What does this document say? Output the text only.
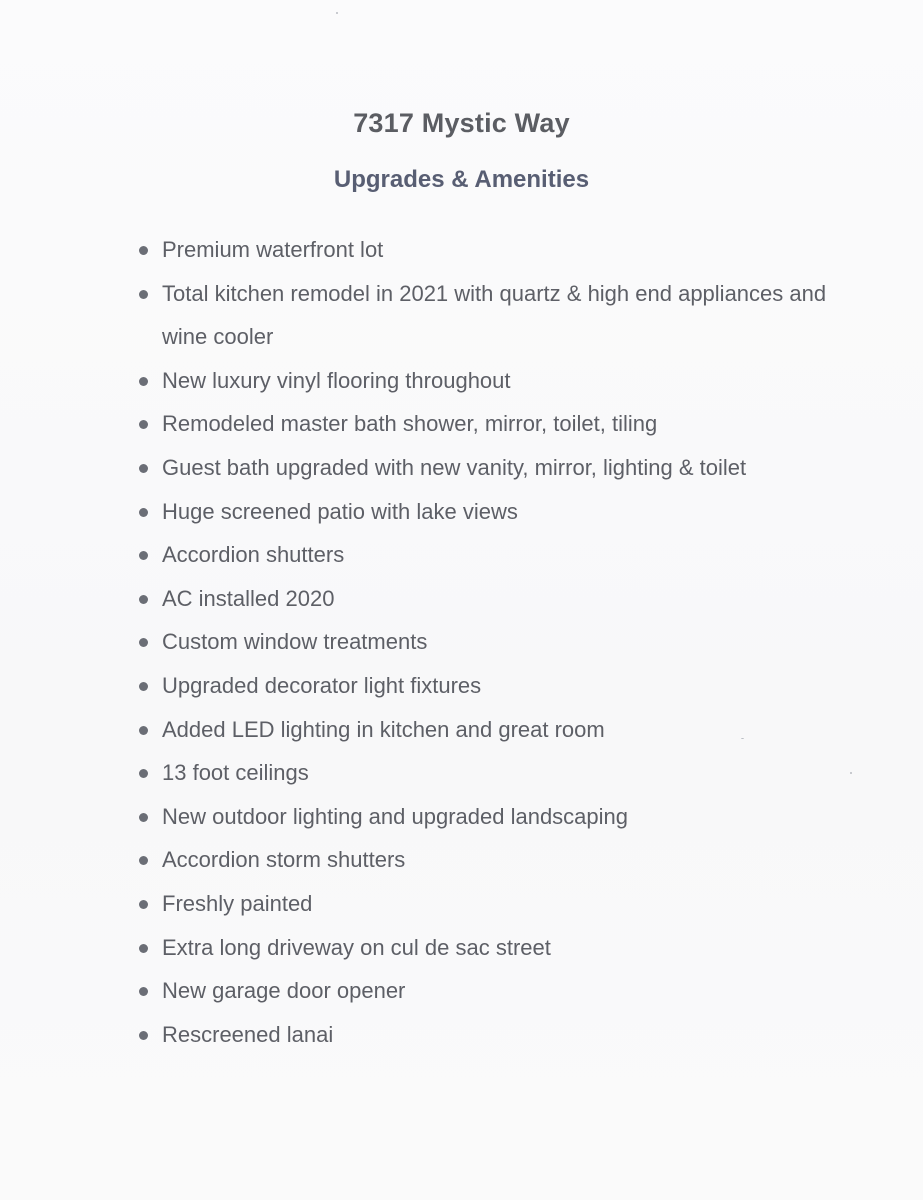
7317 Mystic Way
Upgrades & Amenities
Premium waterfront lot
Total kitchen remodel in 2021 with quartz & high end appliances and wine cooler
New luxury vinyl flooring throughout
Remodeled master bath shower, mirror, toilet, tiling
Guest bath upgraded with new vanity, mirror, lighting & toilet
Huge screened patio with lake views
Accordion shutters
AC installed 2020
Custom window treatments
Upgraded decorator light fixtures
Added LED lighting in kitchen and great room
13 foot ceilings
New outdoor lighting and upgraded landscaping
Accordion storm shutters
Freshly painted
Extra long driveway on cul de sac street
New garage door opener
Rescreened lanai
